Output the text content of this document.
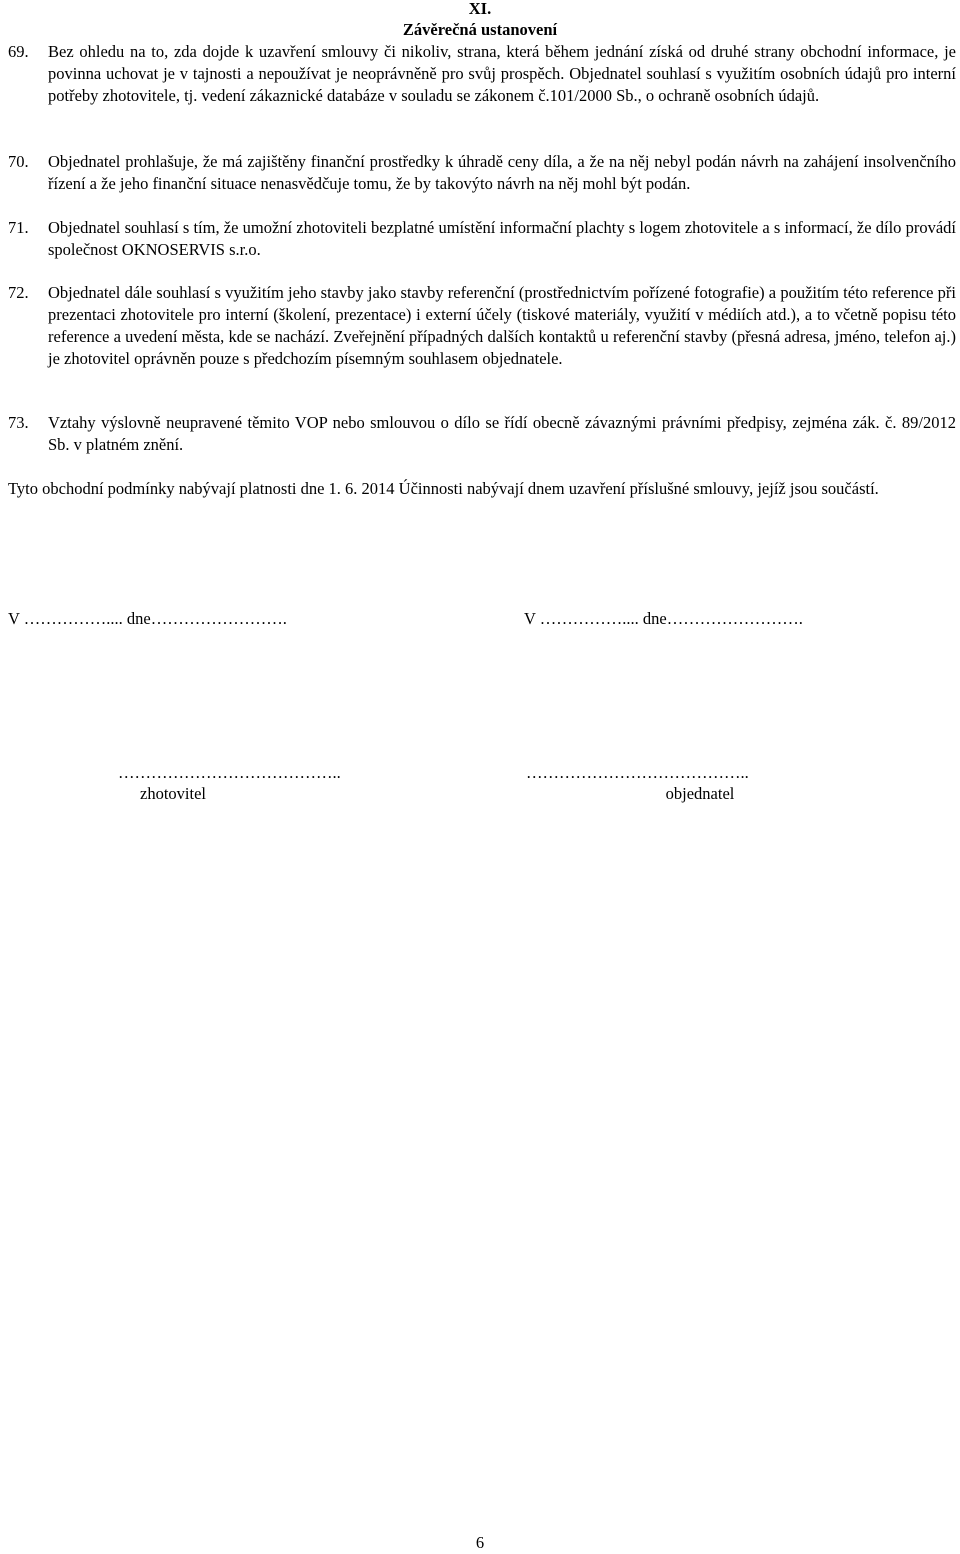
XI.
Závěrečná ustanovení
69.	Bez ohledu na to, zda dojde k uzavření smlouvy či nikoliv, strana, která během jednání získá od druhé strany obchodní informace, je povinna uchovat je v tajnosti a nepoužívat je neoprávněně pro svůj prospěch. Objednatel souhlasí s využitím osobních údajů pro interní potřeby zhotovitele, tj. vedení zákaznické databáze v souladu se zákonem č.101/2000 Sb., o ochraně osobních údajů.
70.	Objednatel prohlašuje, že má zajištěny finanční prostředky k úhradě ceny díla, a že na něj nebyl podán návrh na zahájení insolvenčního řízení a že jeho finanční situace nenasvědčuje tomu, že by takovýto návrh na něj mohl být podán.
71.	Objednatel souhlasí s tím, že umožní zhotoviteli bezplatné umístění informační plachty s logem zhotovitele a s informací, že dílo provádí společnost OKNOSERVIS s.r.o.
72.	Objednatel dále souhlasí s využitím jeho stavby jako stavby referenční (prostřednictvím pořízené fotografie) a použitím této reference při prezentaci zhotovitele pro interní (školení, prezentace) i externí účely (tiskové materiály, využití v médiích atd.), a to včetně popisu této reference a uvedení města, kde se nachází. Zveřejnění případných dalších kontaktů u referenční stavby (přesná adresa, jméno, telefon aj.) je zhotovitel oprávněn pouze s předchozím písemným souhlasem objednatele.
73.	Vztahy výslovně neupravené těmito VOP nebo smlouvou o dílo se řídí obecně závaznými právními předpisy, zejména zák. č. 89/2012 Sb. v platném znění.
Tyto obchodní podmínky nabývají platnosti dne 1. 6. 2014 Účinnosti nabývají dnem uzavření příslušné smlouvy, jejíž jsou součástí.
V …………….... dne…………………….	V …………….... dne…………………….
…………………………………..	…………………………………..
zhotovitel	objednatel
6
